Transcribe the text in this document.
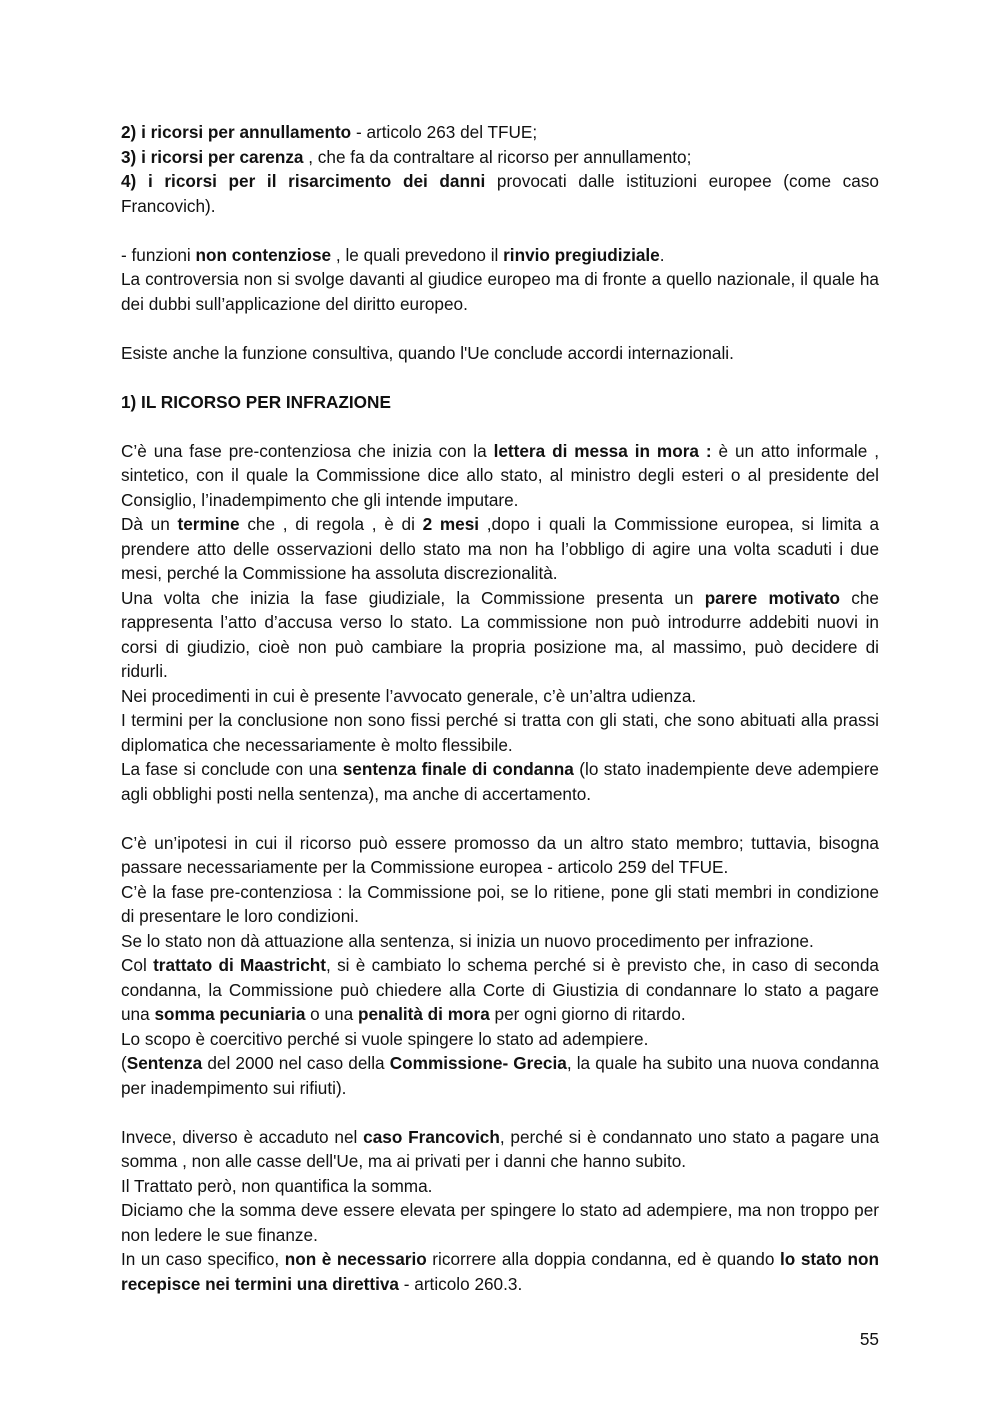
2) i ricorsi per annullamento - articolo 263 del TFUE;

3) i ricorsi per carenza , che fa da contraltare al ricorso per annullamento;

4) i ricorsi per il risarcimento dei danni provocati dalle istituzioni europee (come caso Francovich).

- funzioni non contenziose , le quali prevedono il rinvio pregiudiziale.

La controversia non si svolge davanti al giudice europeo ma di fronte a quello nazionale, il quale ha dei dubbi sull’applicazione del diritto europeo.

Esiste anche la funzione consultiva, quando l'Ue conclude accordi internazionali.

1) IL RICORSO PER INFRAZIONE

C’è una fase pre-contenziosa che inizia con la lettera di messa in mora : è un atto informale , sintetico, con il quale la Commissione dice allo stato, al ministro degli esteri o al presidente del Consiglio, l’inadempimento che gli intende imputare.

Dà un termine che , di regola , è di 2 mesi ,dopo i quali la Commissione europea, si limita a prendere atto delle osservazioni dello stato ma non ha l’obbligo di agire una volta scaduti i due mesi, perché la Commissione ha assoluta discrezionalità.

Una volta che inizia la fase giudiziale, la Commissione presenta un parere motivato che rappresenta l’atto d’accusa verso lo stato. La commissione non può introdurre addebiti nuovi in corsi di giudizio, cioè non può cambiare la propria posizione ma, al massimo, può decidere di ridurli.

Nei procedimenti in cui è presente l’avvocato generale, c’è un’altra udienza.

I termini per la conclusione non sono fissi perché si tratta con gli stati, che sono abituati alla prassi diplomatica che necessariamente è molto flessibile.

La fase si conclude con una sentenza finale di condanna (lo stato inadempiente deve adempiere agli obblighi posti nella sentenza), ma anche di accertamento.

C’è un’ipotesi in cui il ricorso può essere promosso da un altro stato membro; tuttavia, bisogna passare necessariamente per la Commissione europea - articolo 259 del TFUE.

C’è la fase pre-contenziosa : la Commissione poi, se lo ritiene, pone gli stati membri in condizione di presentare le loro condizioni.

Se lo stato non dà attuazione alla sentenza, si inizia un nuovo procedimento per infrazione.

Col trattato di Maastricht, si è cambiato lo schema perché si è previsto che, in caso di seconda condanna, la Commissione può chiedere alla Corte di Giustizia di condannare lo stato a pagare una somma pecuniaria o una penalità di mora per ogni giorno di ritardo.

Lo scopo è coercitivo perché si vuole spingere lo stato ad adempiere.

(Sentenza del 2000 nel caso della Commissione- Grecia, la quale ha subito una nuova condanna per inadempimento sui rifiuti).

Invece, diverso è accaduto nel caso Francovich, perché si è condannato uno stato a pagare una somma , non alle casse dell'Ue, ma ai privati per i danni che hanno subito.

Il Trattato però, non quantifica la somma.

Diciamo che la somma deve essere elevata per spingere lo stato ad adempiere, ma non troppo per non ledere le sue finanze.

In un caso specifico, non è necessario ricorrere alla doppia condanna, ed è quando lo stato non recepisce nei termini una direttiva - articolo 260.3.

55
